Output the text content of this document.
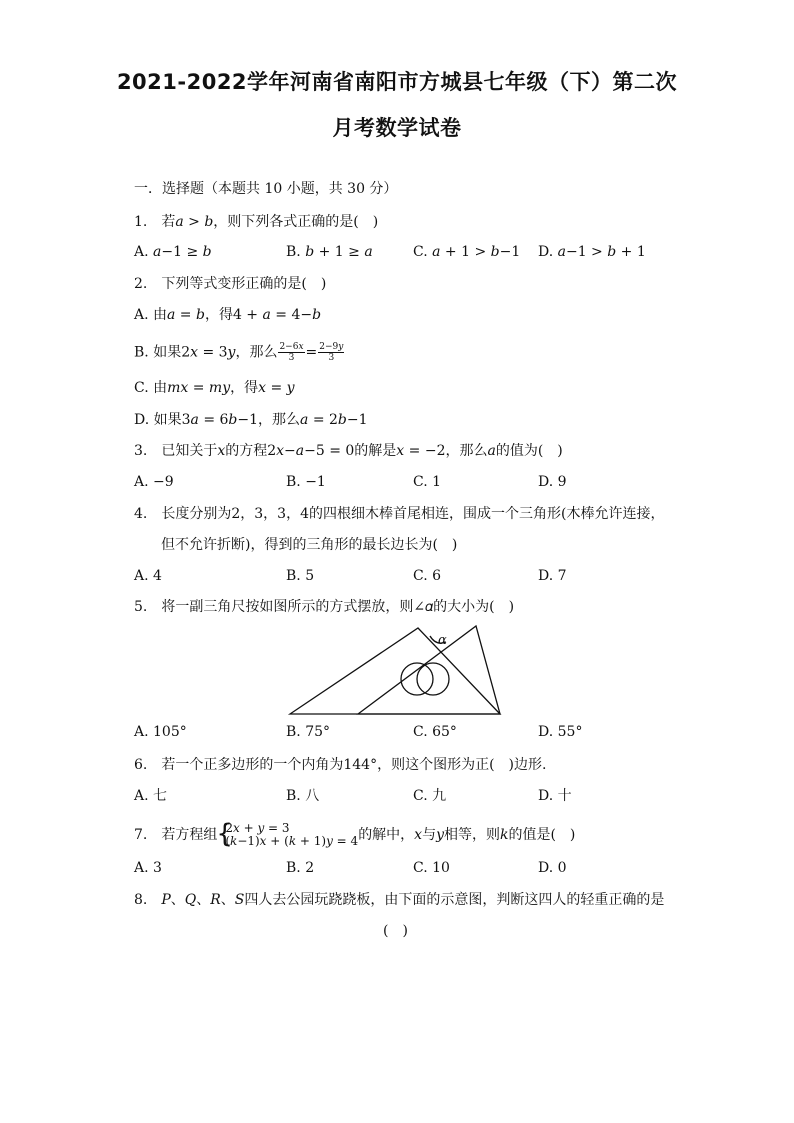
2021-2022学年河南省南阳市方城县七年级（下）第二次
月考数学试卷
一．选择题（本题共 10 小题，共 30 分）
1.　若𝑎 > 𝑏，则下列各式正确的是(　)
A. 𝑎−1 ≥ 𝑏	B. 𝑏 + 1 ≥ 𝑎	C. 𝑎 + 1 > 𝑏−1 D. 𝑎−1 > 𝑏 + 1
2.　下列等式变形正确的是(　)
A. 由𝑎 = 𝑏，得4 + 𝑎 = 4−𝑏
B. 如果2𝑥 = 3𝑦，那么 $\frac{\text{2−6𝑥}}{3} = \frac{\text{2−9𝑦}}{3}$
C. 由𝑚𝑥 = 𝑚𝑦，得𝑥 = 𝑦
D. 如果3𝑎 = 6𝑏−1，那么𝑎 = 2𝑏−1
3.　已知关于𝑥的方程2𝑥−𝑎−5 = 0的解是𝑥 = −2，那么𝑎的值为(　)
A. −9	B. −1	C. 1	D. 9
4.　长度分别为2，3，3，4的四根细木棒首尾相连，围成一个三角形(木棒允许连接，
但不允许折断)，得到的三角形的最长边长为(　)
A. 4	B. 5	C. 6	D. 7
5.　将一副三角尺按如图所示的方式摆放，则∠𝛼的大小为(　)
𝛼
A. 105°	B. 75°	C. 65°	D. 55°
6.　若一个正多边形的一个内角为144°，则这个图形为正(　)边形.
A. 七	B. 八	C. 九	D. 十
7.　若方程组 {
2𝑥 + 𝑦 = 3
(𝑘−1)𝑥 + (𝑘 + 1)𝑦 = 4 的解中，𝑥与𝑦相等，则𝑘的值是(　)
A. 3	B. 2	C. 10	D. 0
8.　𝑃、𝑄、𝑅、𝑆四人去公园玩跷跷板，由下面的示意图，判断这四人的轻重正确的是
(　)
